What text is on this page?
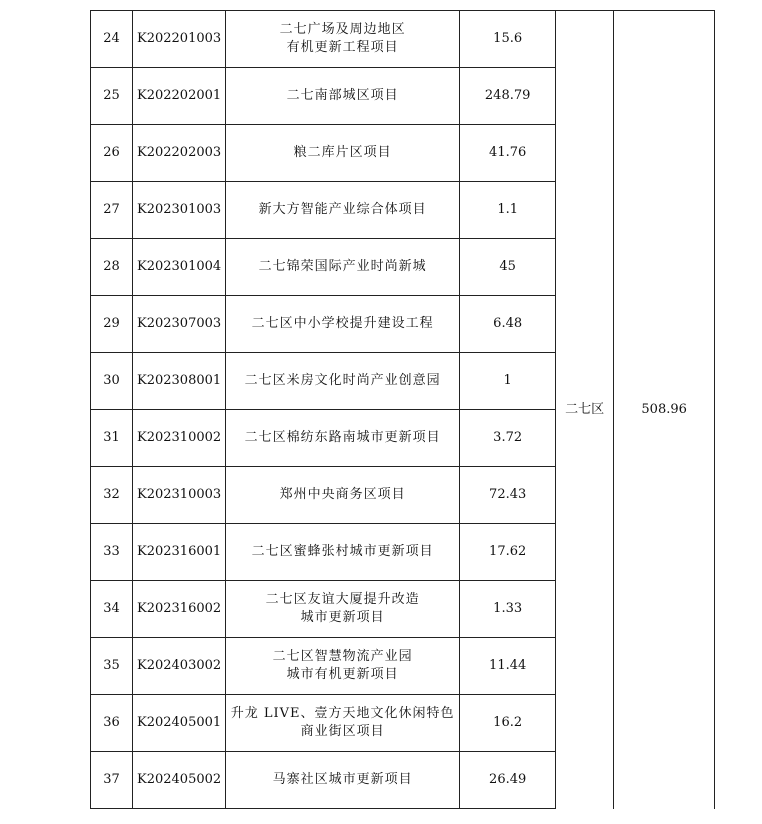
24	K202201003	二七广场及周边地区
有机更新工程项目	15.6	二七区	508.96
25	K202202001	二七南部城区项目	248.79		
26	K202202003	粮二库片区项目	41.76		
27	K202301003	新大方智能产业综合体项目	1.1		
28	K202301004	二七锦荣国际产业时尚新城	45		
29	K202307003	二七区中小学校提升建设工程	6.48		
30	K202308001	二七区米房文化时尚产业创意园	1		
31	K202310002	二七区棉纺东路南城市更新项目	3.72		
32	K202310003	郑州中央商务区项目	72.43		
33	K202316001	二七区蜜蜂张村城市更新项目	17.62		
34	K202316002	二七区友谊大厦提升改造
城市更新项目	1.33		
35	K202403002	二七区智慧物流产业园
城市有机更新项目	11.44		
36	K202405001	升龙 LIVE、壹方天地文化休闲特色
商业街区项目	16.2		
37	K202405002	马寨社区城市更新项目	26.49		
